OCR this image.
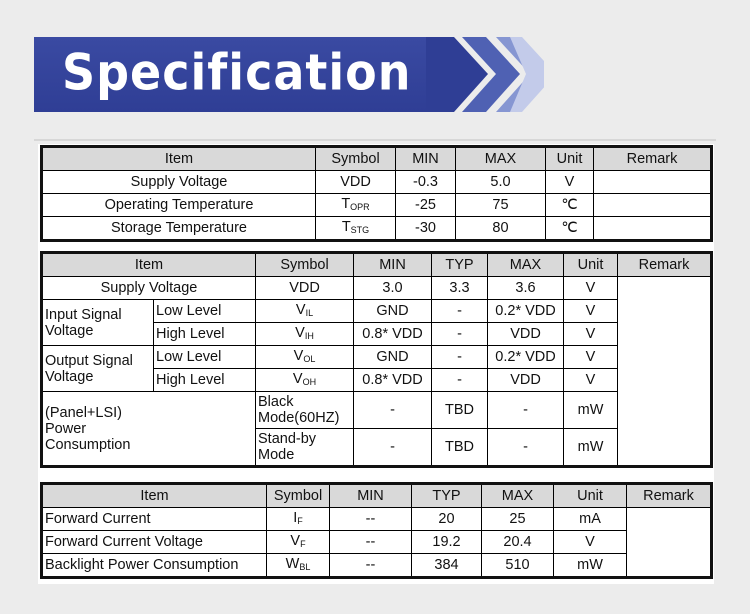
Specification
Item	Symbol	MIN	MAX	Unit	Remark
Supply Voltage	VDD	-0.3	5.0	V	
Operating Temperature	$T_{OPR}$	-25	75	℃	
Storage Temperature	$T_{STG}$	-30	80	℃	
Item		Symbol	MIN	TYP	MAX	Unit	Remark
Supply Voltage		VDD	3.0	3.3	3.6	V	
Input Signal Voltage	Low Level	$V_{IL}$	GND	-	0.2* VDD	V	
	High Level	$V_{IH}$	0.8* VDD	-	VDD	V	
Output Signal Voltage	Low Level	$V_{OL}$	GND	-	0.2* VDD	V	
	High Level	$V_{OH}$	0.8* VDD	-	VDD	V	
(Panel+LSI) Power Consumption		Black Mode(60HZ)	-	TBD	-	mW	
		Stand-by Mode	-	TBD	-	mW	
Item	Symbol	MIN	TYP	MAX	Unit	Remark
Forward Current	$I_F$	--	20	25	mA	
Forward Current Voltage	$V_F$	--	19.2	20.4	V	
Backlight Power Consumption	$W_{BL}$	--	384	510	mW	
